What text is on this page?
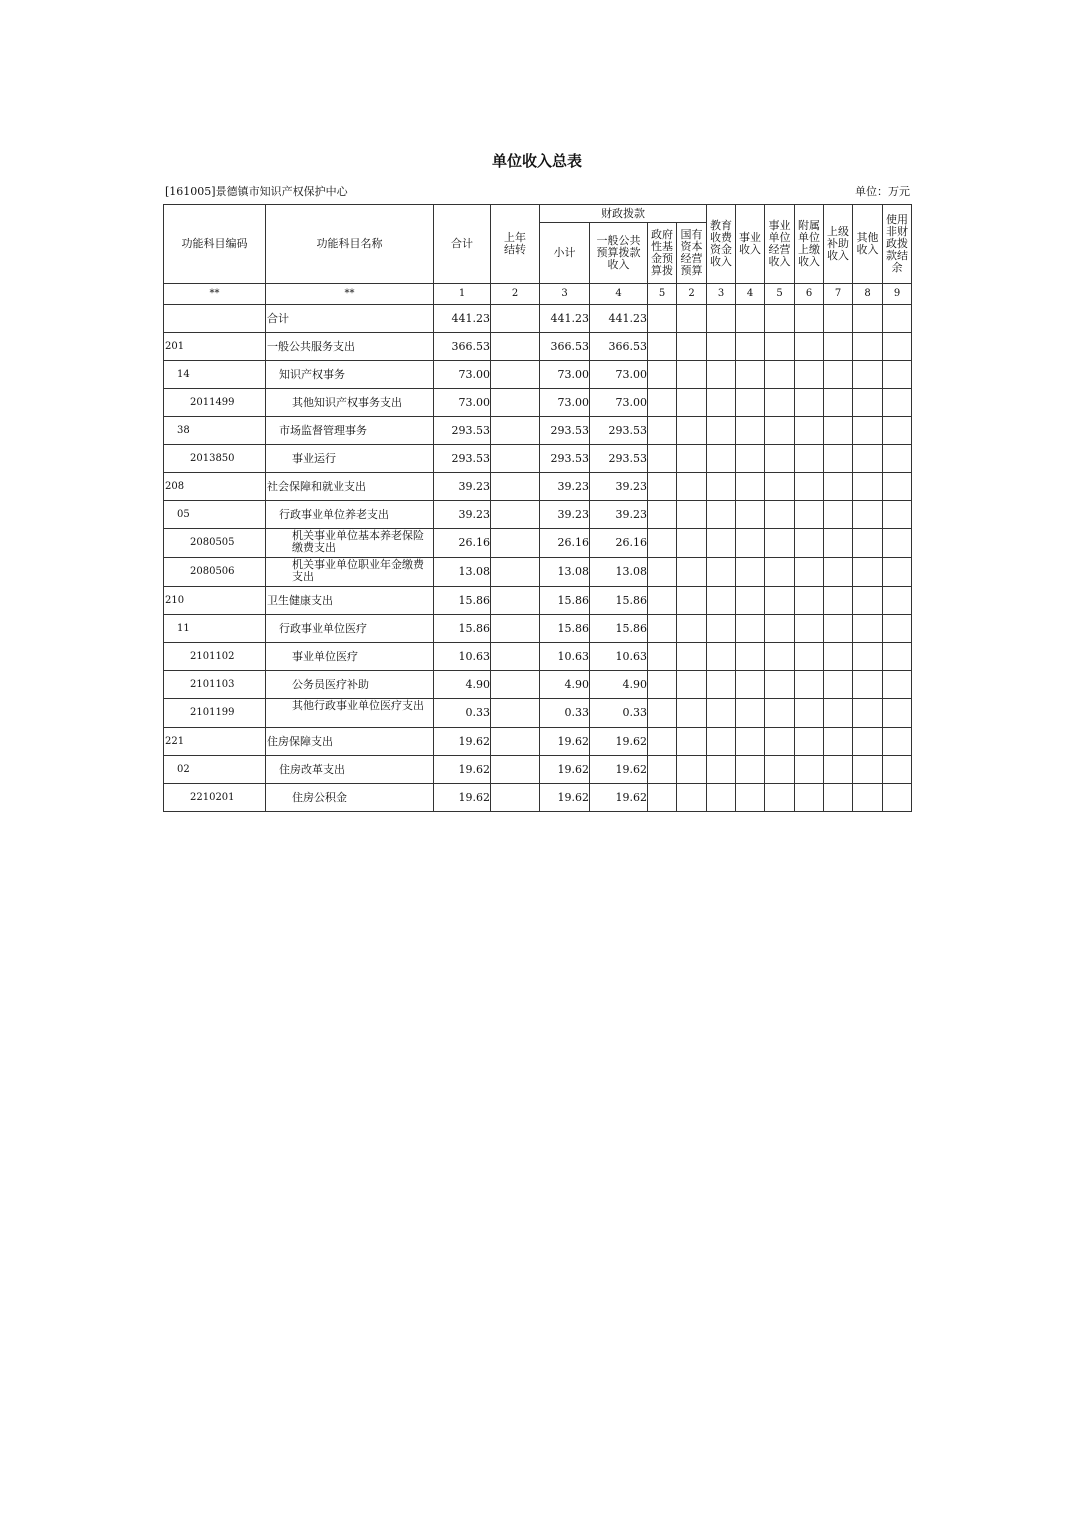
单位收入总表
[161005]景德镇市知识产权保护中心	单位：万元
功能科目编码	功能科目名称	合计	上年结转	财政拨款				教育收费资金收入	事业收入	事业单位经营收入	附属单位上缴收入	上级补助收入	其他收入	使用非财政拨款结余
				小计	一般公共预算拨款收入	政府性基金预算拨	国有资本经营预算							
**	**	1	2	3	4	5	2	3	4	5	6	7	8	9
	合计	441.23		441.23	441.23									
201	一般公共服务支出	366.53		366.53	366.53									
14	知识产权事务	73.00		73.00	73.00									
2011499	其他知识产权事务支出	73.00		73.00	73.00									
38	市场监督管理事务	293.53		293.53	293.53									
2013850	事业运行	293.53		293.53	293.53									
208	社会保障和就业支出	39.23		39.23	39.23									
05	行政事业单位养老支出	39.23		39.23	39.23									
2080505	机关事业单位基本养老保险缴费支出	26.16		26.16	26.16									
2080506	机关事业单位职业年金缴费支出	13.08		13.08	13.08									
210	卫生健康支出	15.86		15.86	15.86									
11	行政事业单位医疗	15.86		15.86	15.86									
2101102	事业单位医疗	10.63		10.63	10.63									
2101103	公务员医疗补助	4.90		4.90	4.90									
2101199	其他行政事业单位医疗支出	0.33		0.33	0.33									
221	住房保障支出	19.62		19.62	19.62									
02	住房改革支出	19.62		19.62	19.62									
2210201	住房公积金	19.62		19.62	19.62									
